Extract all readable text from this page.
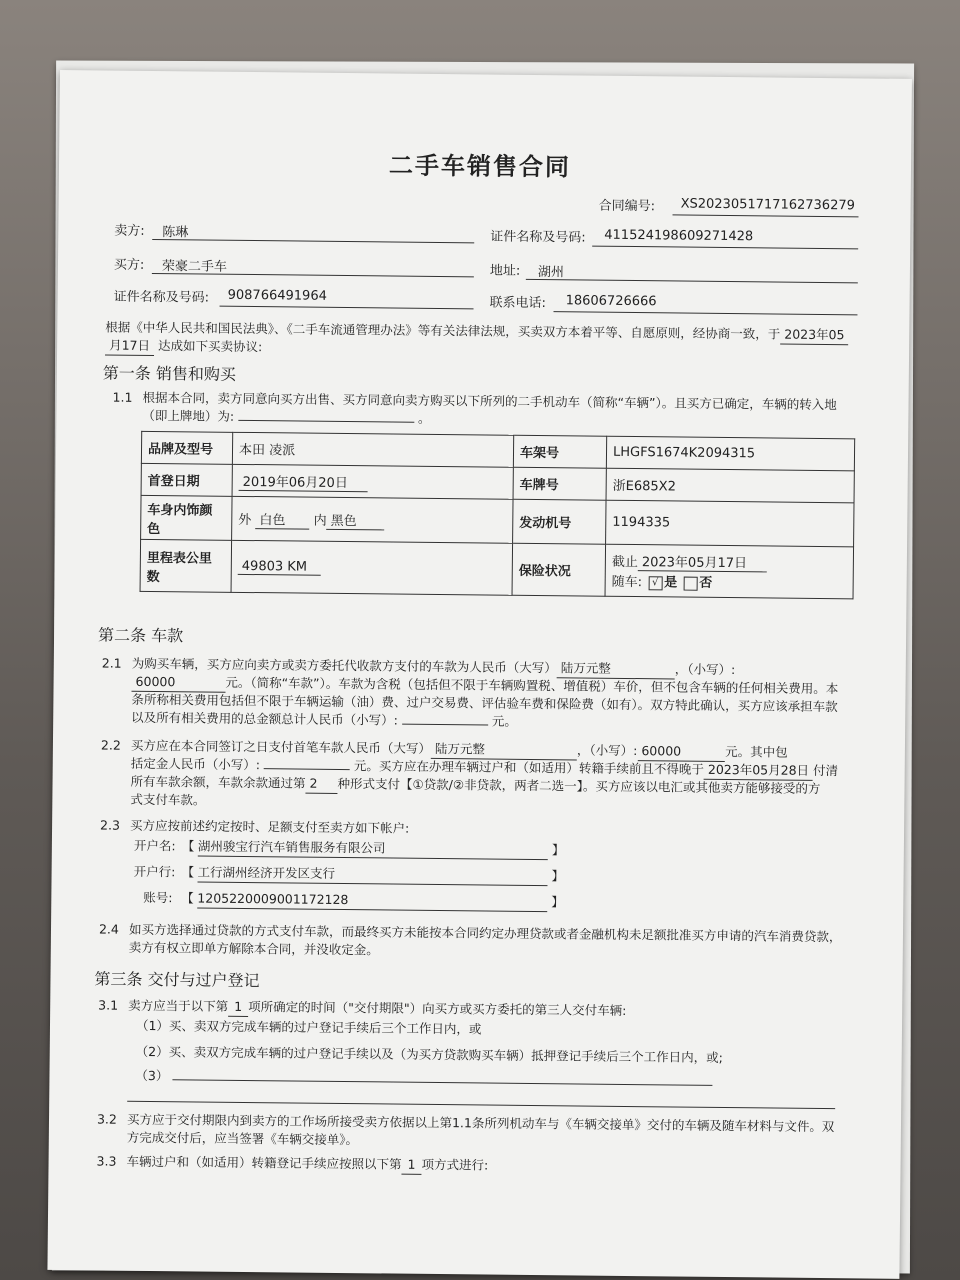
二手车销售合同
合同编号: XS2023051717162736279
卖方: 陈琳	证件名称及号码: 411524198609271428
买方: 荣豪二手车	地址: 湖州
证件名称及号码: 908766491964	联系电话: 18606726666
根据《中华人民共和国民法典》、《二手车流通管理办法》等有关法律法规，买卖双方本着平等、自愿原则，经协商一致，于 2023年05
月17日 达成如下买卖协议:
第一条 销售和购买
1.1 根据本合同，卖方同意向买方出售、买方同意向卖方购买以下所列的二手机动车（简称“车辆”）。且买方已确定，车辆的转入地
（即上牌地）为:	。
品牌及型号	本田 凌派	车架号	LHGFS1674K2094315
首登日期	2019年06月20日	车牌号	浙E685X2
车身内饰颜
色	外 白色 内 黑色	发动机号	1194335
里程表公里
数	49803 KM	保险状况	截止 2023年05月17日
随车: √ 是 否
第二条 车款
2.1 为购买车辆，买方应向卖方或卖方委托代收款方支付的车款为人民币（大写） 陆万元整	，（小写）:
60000	元。（简称“车款”）。车款为含税（包括但不限于车辆购置税、增值税）车价，但不包含车辆的任何相关费用。本
条所称相关费用包括但不限于车辆运输（油）费、过户交易费、评估验车费和保险费（如有）。双方特此确认，买方应该承担车款
以及所有相关费用的总金额总计人民币（小写）:	元。
2.2 买方应在本合同签订之日支付首笔车款人民币（大写） 陆万元整	，（小写）: 60000	元。其中包
括定金人民币（小写）:	元。买方应在办理车辆过户和（如适用）转籍手续前且不得晚于 2023年05月28日 付清
所有车款余额，车款余款通过第 2 种形式支付【①贷款/②非贷款，两者二选一】。买方应该以电汇或其他卖方能够接受的方
式支付车款。
2.3 买方应按前述约定按时、足额支付至卖方如下帐户:
开户名: 【 湖州骏宝行汽车销售服务有限公司	】
开户行: 【 工行湖州经济开发区支行	】
账号: 【 1205220009001172128	】
2.4 如买方选择通过贷款的方式支付车款，而最终买方未能按本合同约定办理贷款或者金融机构未足额批准买方申请的汽车消费贷款，
卖方有权立即单方解除本合同，并没收定金。
第三条 交付与过户登记
3.1 卖方应当于以下第 1 项所确定的时间（"交付期限"）向买方或买方委托的第三人交付车辆:
（1）买、卖双方完成车辆的过户登记手续后三个工作日内，或
（2）买、卖双方完成车辆的过户登记手续以及（为买方贷款购买车辆）抵押登记手续后三个工作日内，或;
（3）
3.2 买方应于交付期限内到卖方的工作场所接受卖方依据以上第1.1条所列机动车与《车辆交接单》交付的车辆及随车材料与文件。双
方完成交付后，应当签署《车辆交接单》。
3.3 车辆过户和（如适用）转籍登记手续应按照以下第 1 项方式进行:
